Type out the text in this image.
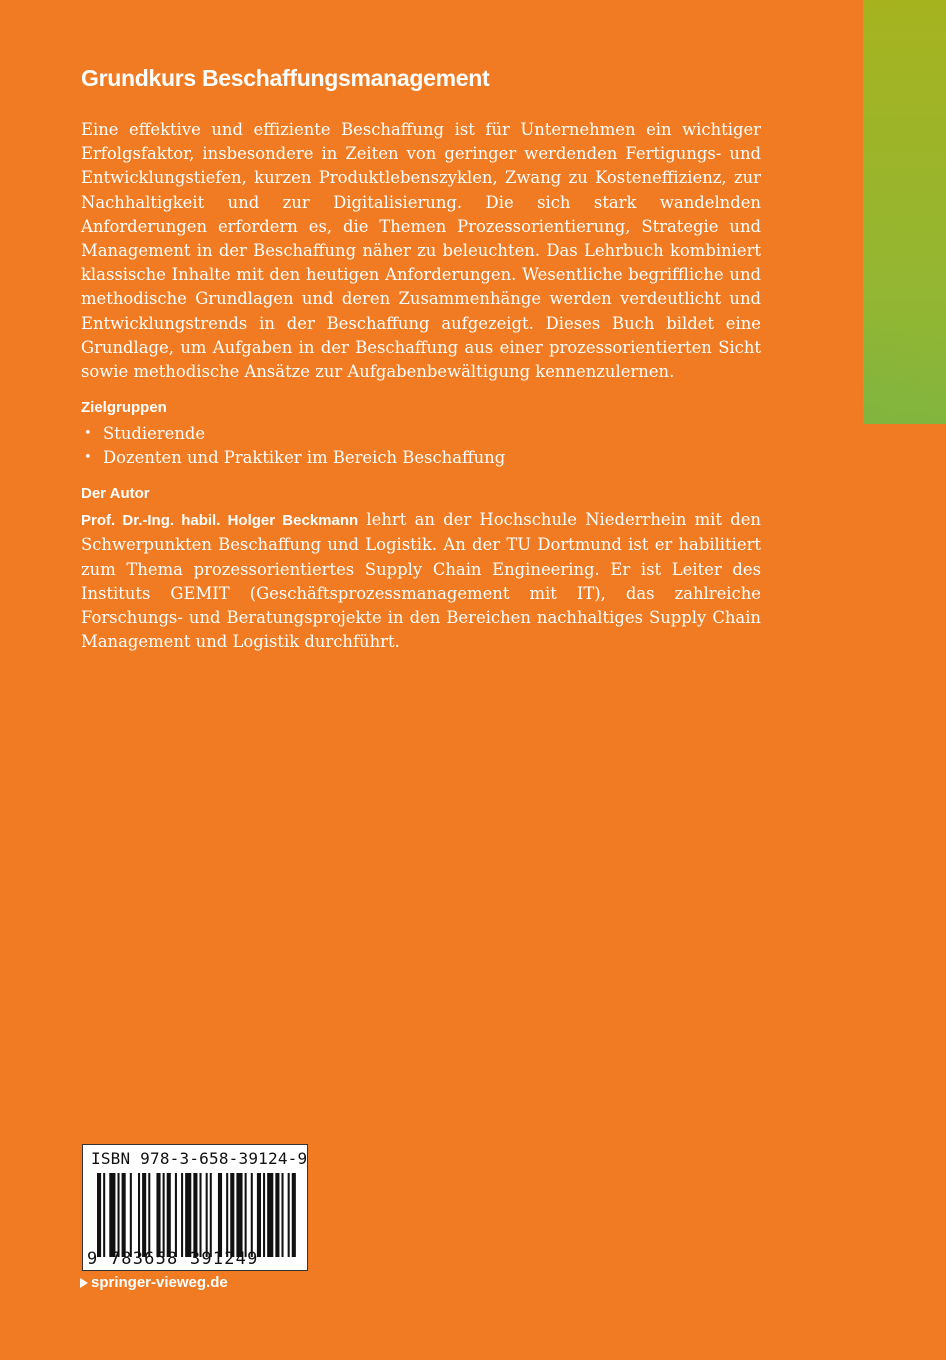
Grundkurs Beschaffungsmanagement

Eine effektive und effiziente Beschaffung ist für Unternehmen ein wichtiger Erfolgsfaktor, insbesondere in Zeiten von geringer werdenden Fertigungs- und Entwicklungstiefen, kurzen Produktlebenszyklen, Zwang zu Kosteneffizienz, zur Nachhaltigkeit und zur Digitalisierung. Die sich stark wandelnden Anforderungen erfordern es, die Themen Prozessorientierung, Strategie und Management in der Beschaffung näher zu beleuchten. Das Lehrbuch kombiniert klassische Inhalte mit den heutigen Anforderungen. Wesentliche begriffliche und methodische Grundlagen und deren Zusammenhänge werden verdeutlicht und Entwicklungstrends in der Beschaffung aufgezeigt. Dieses Buch bildet eine Grundlage, um Aufgaben in der Beschaffung aus einer prozessorientierten Sicht sowie methodische Ansätze zur Aufgabenbewältigung kennenzulernen.

Zielgruppen
• Studierende
• Dozenten und Praktiker im Bereich Beschaffung
Der Autor

Prof. Dr.-Ing. habil. Holger Beckmann lehrt an der Hochschule Niederrhein mit den Schwerpunkten Beschaffung und Logistik. An der TU Dortmund ist er habilitiert zum Thema prozessorientiertes Supply Chain Engineering. Er ist Leiter des Instituts GEMIT (Geschäftsprozessmanagement mit IT), das zahlreiche Forschungs- und Beratungsprojekte in den Bereichen nachhaltiges Supply Chain Management und Logistik durchführt.

ISBN 978-3-658-39124-9
9 783658 391249
springer-vieweg.de
